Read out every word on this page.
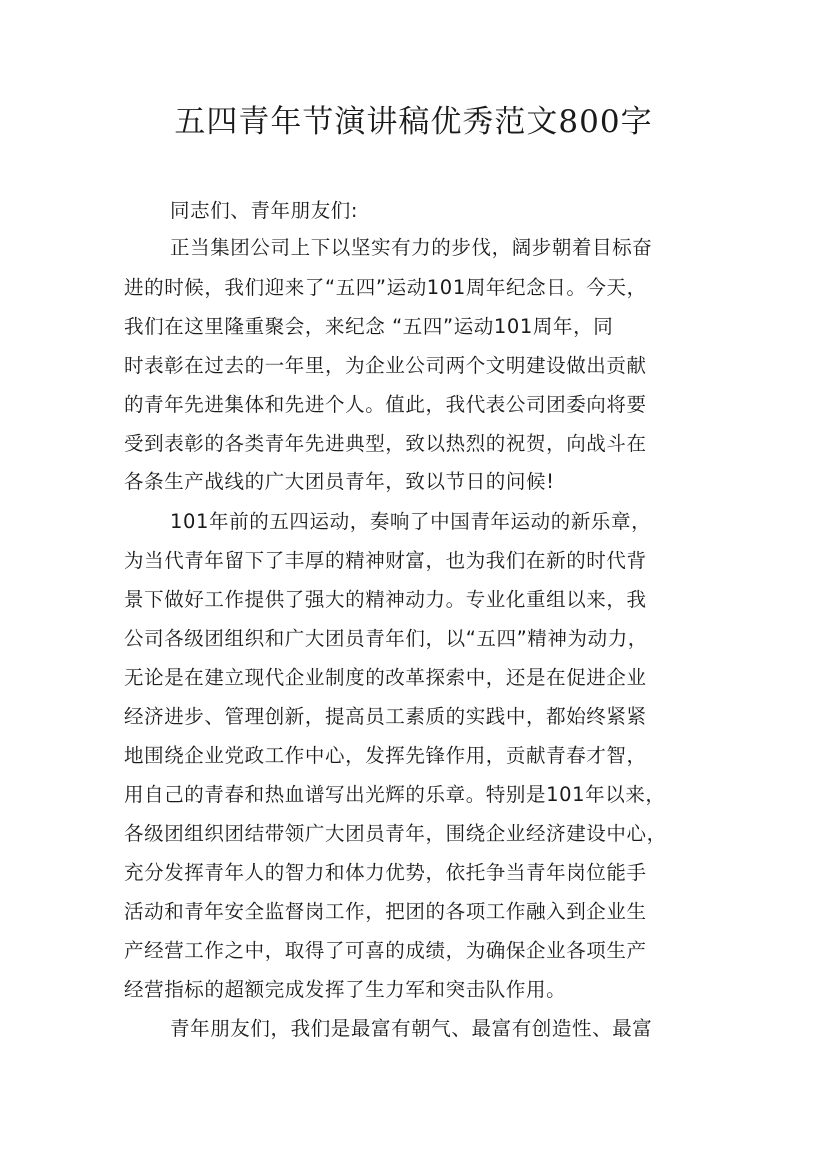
五四青年节演讲稿优秀范文800字
同志们、青年朋友们:
正当集团公司上下以坚实有力的步伐，阔步朝着目标奋
进的时候，我们迎来了“五四”运动101周年纪念日。今天，
我们在这里隆重聚会，来纪念 “五四”运动101周年，同
时表彰在过去的一年里，为企业公司两个文明建设做出贡献
的青年先进集体和先进个人。值此，我代表公司团委向将要
受到表彰的各类青年先进典型，致以热烈的祝贺，向战斗在
各条生产战线的广大团员青年，致以节日的问候!
101年前的五四运动，奏响了中国青年运动的新乐章，
为当代青年留下了丰厚的精神财富，也为我们在新的时代背
景下做好工作提供了强大的精神动力。专业化重组以来，我
公司各级团组织和广大团员青年们，以“五四”精神为动力，
无论是在建立现代企业制度的改革探索中，还是在促进企业
经济进步、管理创新，提高员工素质的实践中，都始终紧紧
地围绕企业党政工作中心，发挥先锋作用，贡献青春才智，
用自己的青春和热血谱写出光辉的乐章。特别是101年以来，
各级团组织团结带领广大团员青年，围绕企业经济建设中心，
充分发挥青年人的智力和体力优势，依托争当青年岗位能手
活动和青年安全监督岗工作，把团的各项工作融入到企业生
产经营工作之中，取得了可喜的成绩，为确保企业各项生产
经营指标的超额完成发挥了生力军和突击队作用。
青年朋友们，我们是最富有朝气、最富有创造性、最富
